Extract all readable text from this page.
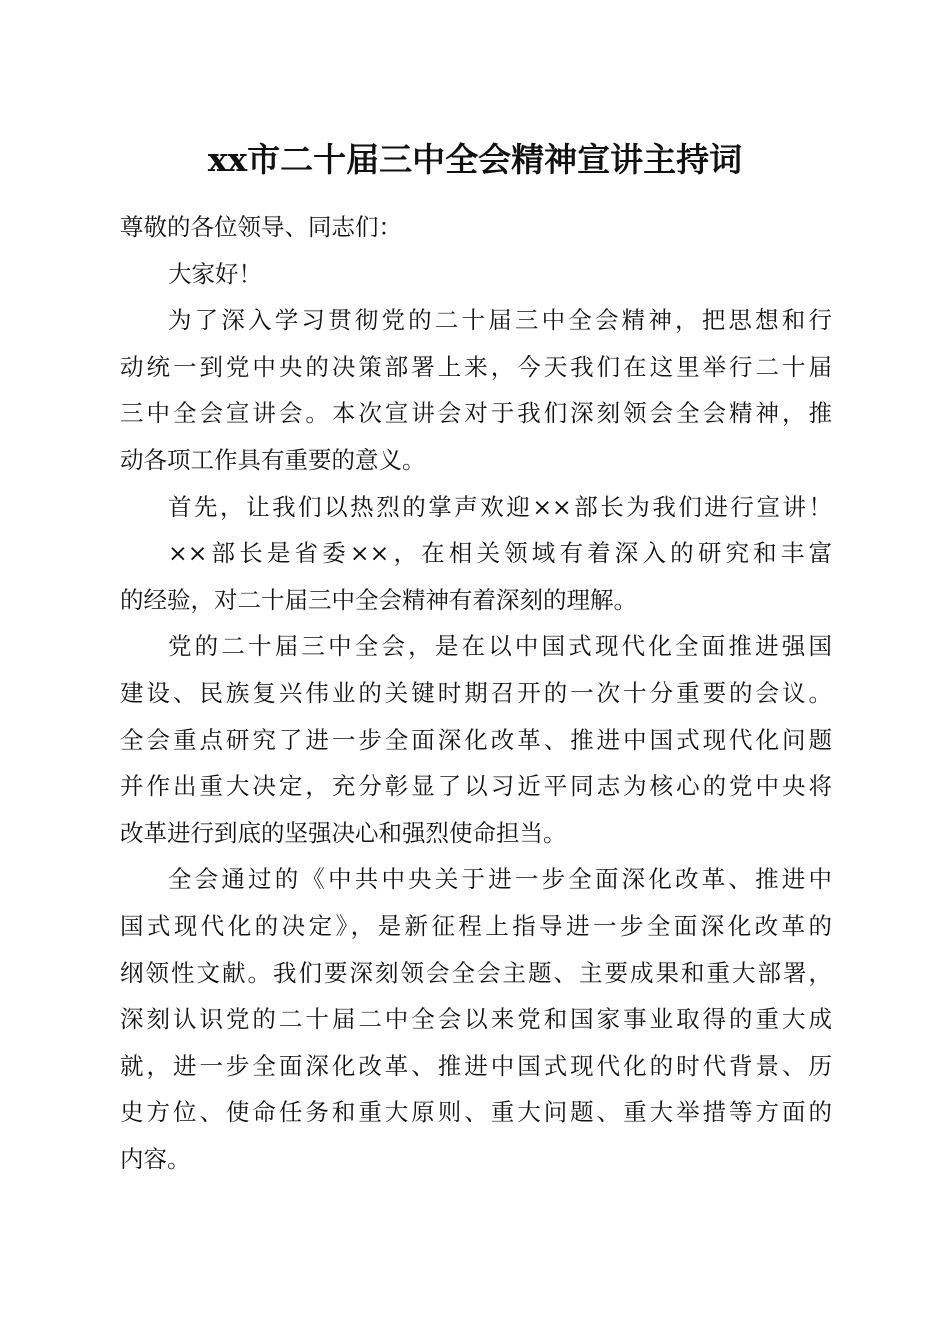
xx市二十届三中全会精神宣讲主持词

尊敬的各位领导、同志们：

大家好！

为了深入学习贯彻党的二十届三中全会精神，把思想和行
动统一到党中央的决策部署上来，今天我们在这里举行二十届
三中全会宣讲会。本次宣讲会对于我们深刻领会全会精神，推
动各项工作具有重要的意义。

首先，让我们以热烈的掌声欢迎××部长为我们进行宣讲！

××部长是省委××，在相关领域有着深入的研究和丰富
的经验，对二十届三中全会精神有着深刻的理解。

党的二十届三中全会，是在以中国式现代化全面推进强国
建设、民族复兴伟业的关键时期召开的一次十分重要的会议。
全会重点研究了进一步全面深化改革、推进中国式现代化问题
并作出重大决定，充分彰显了以习近平同志为核心的党中央将
改革进行到底的坚强决心和强烈使命担当。

全会通过的《中共中央关于进一步全面深化改革、推进中
国式现代化的决定》，是新征程上指导进一步全面深化改革的
纲领性文献。我们要深刻领会全会主题、主要成果和重大部署，
深刻认识党的二十届二中全会以来党和国家事业取得的重大成
就，进一步全面深化改革、推进中国式现代化的时代背景、历
史方位、使命任务和重大原则、重大问题、重大举措等方面的
内容。
